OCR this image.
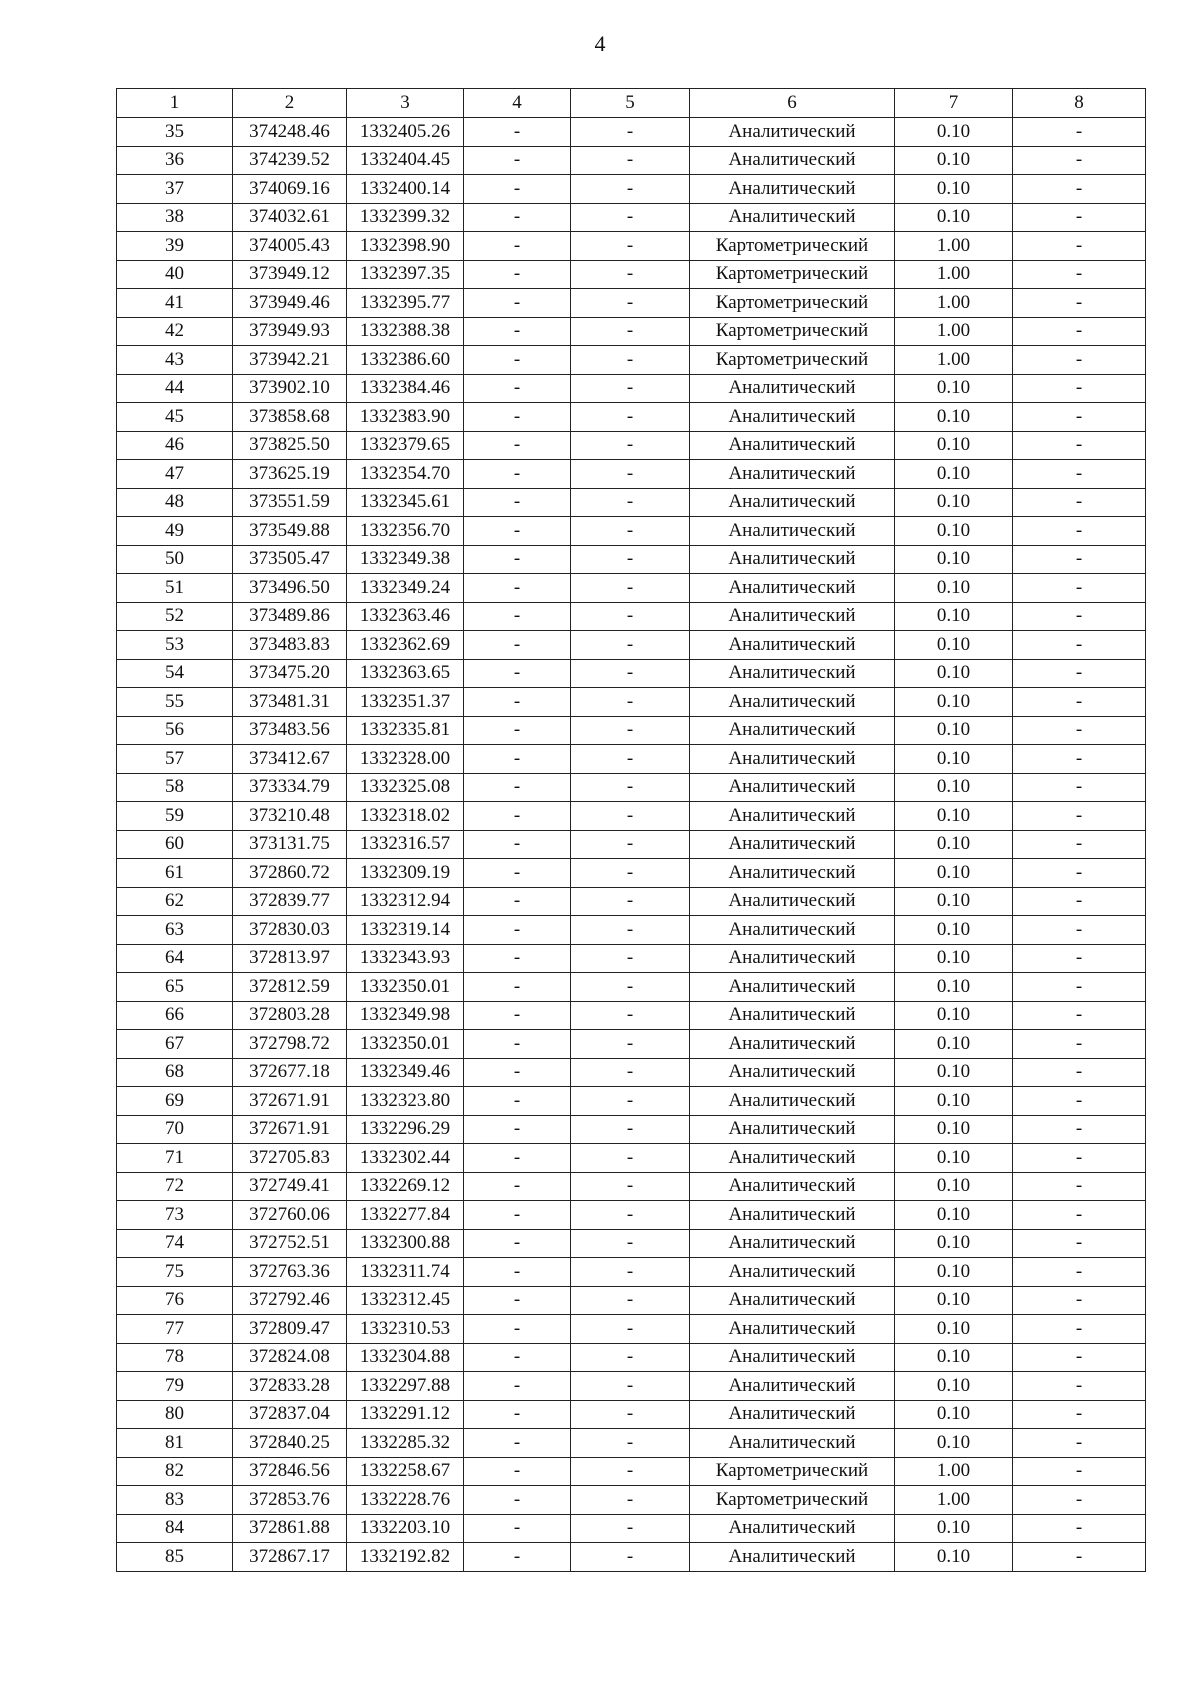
4
1	2	3	4	5	6	7	8
35	374248.46	1332405.26	-	-	Аналитический	0.10	-
36	374239.52	1332404.45	-	-	Аналитический	0.10	-
37	374069.16	1332400.14	-	-	Аналитический	0.10	-
38	374032.61	1332399.32	-	-	Аналитический	0.10	-
39	374005.43	1332398.90	-	-	Картометрический	1.00	-
40	373949.12	1332397.35	-	-	Картометрический	1.00	-
41	373949.46	1332395.77	-	-	Картометрический	1.00	-
42	373949.93	1332388.38	-	-	Картометрический	1.00	-
43	373942.21	1332386.60	-	-	Картометрический	1.00	-
44	373902.10	1332384.46	-	-	Аналитический	0.10	-
45	373858.68	1332383.90	-	-	Аналитический	0.10	-
46	373825.50	1332379.65	-	-	Аналитический	0.10	-
47	373625.19	1332354.70	-	-	Аналитический	0.10	-
48	373551.59	1332345.61	-	-	Аналитический	0.10	-
49	373549.88	1332356.70	-	-	Аналитический	0.10	-
50	373505.47	1332349.38	-	-	Аналитический	0.10	-
51	373496.50	1332349.24	-	-	Аналитический	0.10	-
52	373489.86	1332363.46	-	-	Аналитический	0.10	-
53	373483.83	1332362.69	-	-	Аналитический	0.10	-
54	373475.20	1332363.65	-	-	Аналитический	0.10	-
55	373481.31	1332351.37	-	-	Аналитический	0.10	-
56	373483.56	1332335.81	-	-	Аналитический	0.10	-
57	373412.67	1332328.00	-	-	Аналитический	0.10	-
58	373334.79	1332325.08	-	-	Аналитический	0.10	-
59	373210.48	1332318.02	-	-	Аналитический	0.10	-
60	373131.75	1332316.57	-	-	Аналитический	0.10	-
61	372860.72	1332309.19	-	-	Аналитический	0.10	-
62	372839.77	1332312.94	-	-	Аналитический	0.10	-
63	372830.03	1332319.14	-	-	Аналитический	0.10	-
64	372813.97	1332343.93	-	-	Аналитический	0.10	-
65	372812.59	1332350.01	-	-	Аналитический	0.10	-
66	372803.28	1332349.98	-	-	Аналитический	0.10	-
67	372798.72	1332350.01	-	-	Аналитический	0.10	-
68	372677.18	1332349.46	-	-	Аналитический	0.10	-
69	372671.91	1332323.80	-	-	Аналитический	0.10	-
70	372671.91	1332296.29	-	-	Аналитический	0.10	-
71	372705.83	1332302.44	-	-	Аналитический	0.10	-
72	372749.41	1332269.12	-	-	Аналитический	0.10	-
73	372760.06	1332277.84	-	-	Аналитический	0.10	-
74	372752.51	1332300.88	-	-	Аналитический	0.10	-
75	372763.36	1332311.74	-	-	Аналитический	0.10	-
76	372792.46	1332312.45	-	-	Аналитический	0.10	-
77	372809.47	1332310.53	-	-	Аналитический	0.10	-
78	372824.08	1332304.88	-	-	Аналитический	0.10	-
79	372833.28	1332297.88	-	-	Аналитический	0.10	-
80	372837.04	1332291.12	-	-	Аналитический	0.10	-
81	372840.25	1332285.32	-	-	Аналитический	0.10	-
82	372846.56	1332258.67	-	-	Картометрический	1.00	-
83	372853.76	1332228.76	-	-	Картометрический	1.00	-
84	372861.88	1332203.10	-	-	Аналитический	0.10	-
85	372867.17	1332192.82	-	-	Аналитический	0.10	-
